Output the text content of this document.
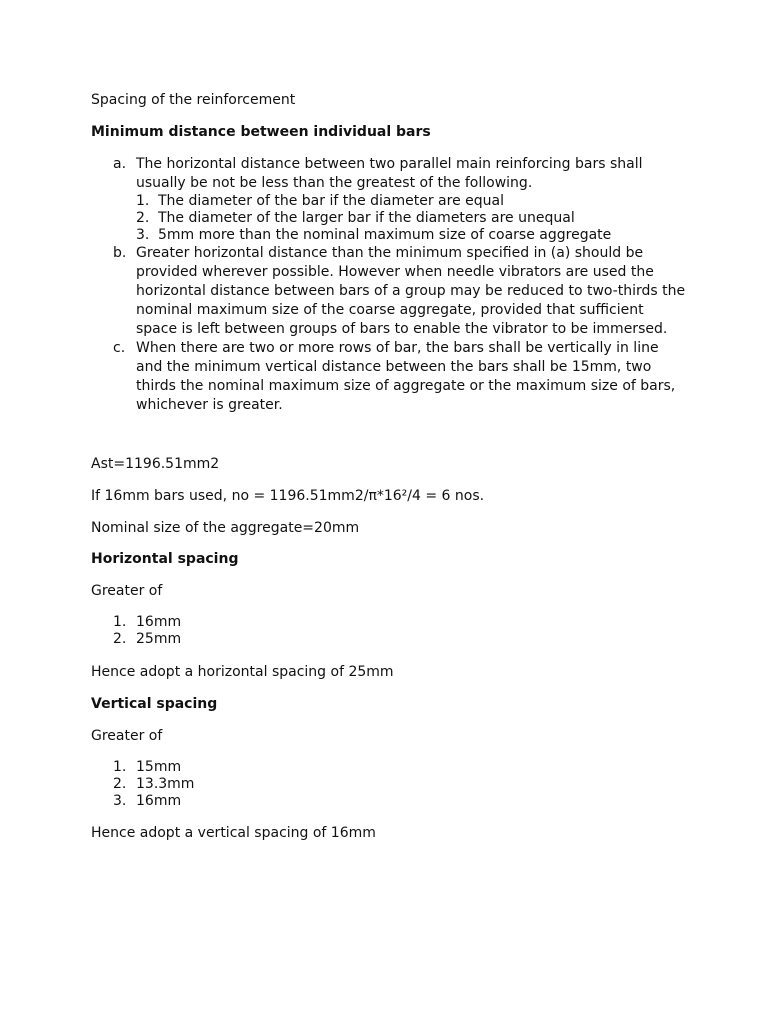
Spacing of the reinforcement

Minimum distance between individual bars

a. The horizontal distance between two parallel main reinforcing bars shall
usually be not be less than the greatest of the following.
1. The diameter of the bar if the diameter are equal
2. The diameter of the larger bar if the diameters are unequal
3. 5mm more than the nominal maximum size of coarse aggregate
b. Greater horizontal distance than the minimum specified in (a) should be
provided wherever possible. However when needle vibrators are used the
horizontal distance between bars of a group may be reduced to two-thirds the
nominal maximum size of the coarse aggregate, provided that sufficient
space is left between groups of bars to enable the vibrator to be immersed.
c. When there are two or more rows of bar, the bars shall be vertically in line
and the minimum vertical distance between the bars shall be 15mm, two
thirds the nominal maximum size of aggregate or the maximum size of bars,
whichever is greater.

Ast=1196.51mm2

If 16mm bars used, no = 1196.51mm2/π*16²/4 = 6 nos.

Nominal size of the aggregate=20mm

Horizontal spacing

Greater of

1. 16mm
2. 25mm

Hence adopt a horizontal spacing of 25mm

Vertical spacing

Greater of

1. 15mm
2. 13.3mm
3. 16mm

Hence adopt a vertical spacing of 16mm
